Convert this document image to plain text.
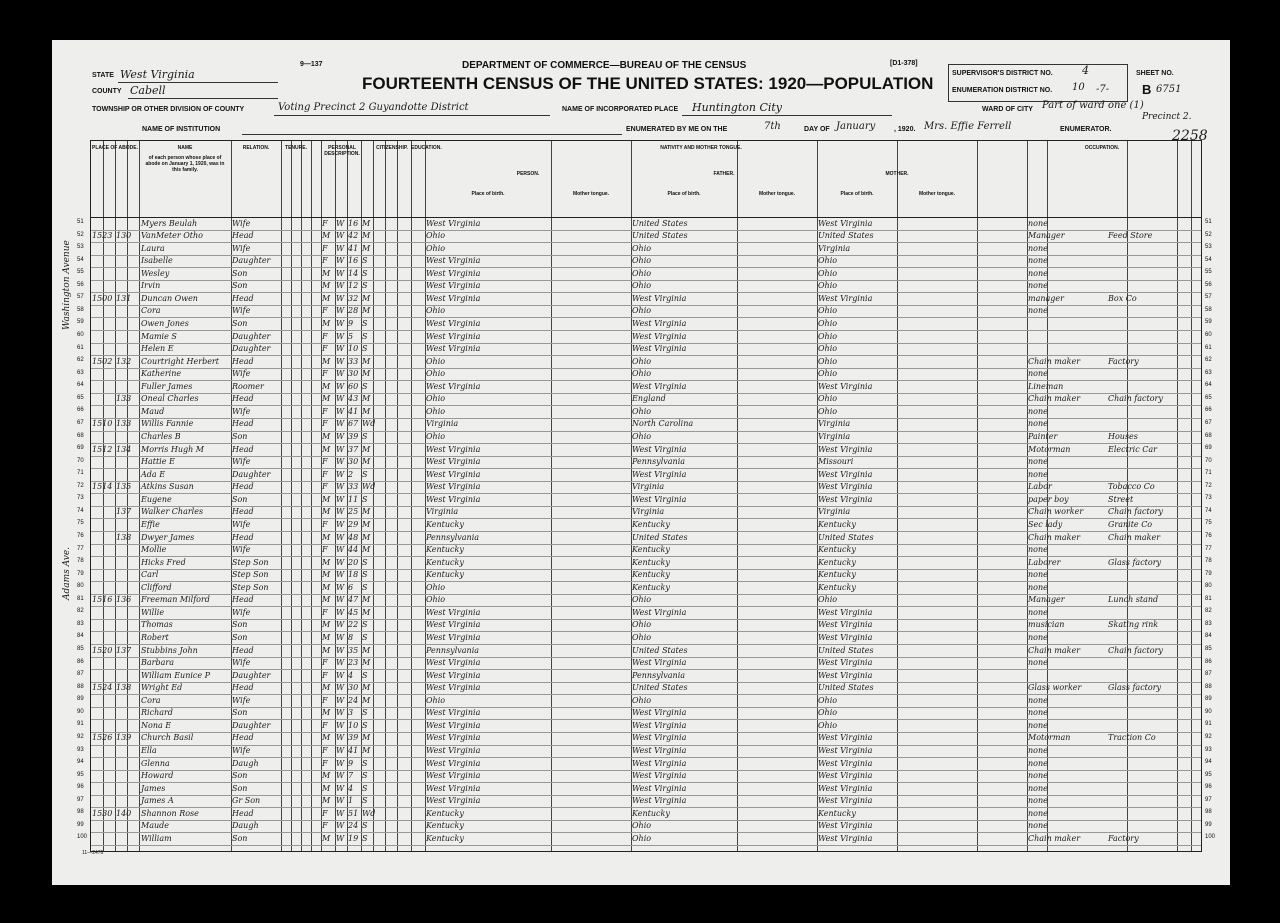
9—137	DEPARTMENT OF COMMERCE—BUREAU OF THE CENSUS
FOURTEENTH CENSUS OF THE UNITED STATES: 1920—POPULATION
[D1-378]
STATE West Virginia
COUNTY Cabell
TOWNSHIP OR OTHER DIVISION OF COUNTY	Voting Precinct 2 Guyandotte District
NAME OF INSTITUTION
NAME OF INCORPORATED PLACE Huntington City
ENUMERATED BY ME ON THE	7th	DAY OF January	, 1920. Mrs. Effie Ferrell	ENUMERATOR.
SUPERVISOR'S DISTRICT NO.	4
ENUMERATION DISTRICT NO. 10 -7-
SHEET NO.
B 6751
WARD OF CITY Part of ward one (1)
Precinct 2.
2258
Washington Avenue
Adams Ave.
PLACE OF ABODE.	NAME	RELATION.	TENURE.	PERSONAL DESCRIPTION.
CITIZENSHIP. EDUCATION.	NATIVITY AND MOTHER TONGUE.	OCCUPATION.
of each person whose place of abode on January 1, 1920, was in this family.
PERSON.	FATHER.	MOTHER.
Place of birth.	Mother tongue.	Place of birth.	Mother tongue.	Place of birth.	Mother tongue.
51	51
Myers Beulah	Wife	F	W 16 M	West Virginia	United States	West Virginia	none
52	52
1523 130	VanMeter Otho	Head	M W 42 M	Ohio	United States	United States	Manager	Feed Store
53	53
Laura	Wife	F	W 41 M	Ohio	Ohio	Virginia	none
54	54
Isabelle	Daughter	F	W 16 S	West Virginia	Ohio	Ohio	none
55	55
Wesley	Son	M W 14 S	West Virginia	Ohio	Ohio	none
56	56
Irvin	Son	M W 12 S	West Virginia	Ohio	Ohio	none
57	57
1500 131	Duncan Owen	Head	M W 32 M	West Virginia	West Virginia	West Virginia	manager	Box Co
58	58
Cora	Wife	F	W 28 M	Ohio	Ohio	Ohio	none
59	59
Owen Jones	Son	M W 9	S	West Virginia	West Virginia	Ohio
60	60
Mamie S	Daughter	F	W 5	S	West Virginia	West Virginia	Ohio
61	61
Helen E	Daughter	F	W 10 S	West Virginia	West Virginia	Ohio
62	62
1502 132	Courtright Herbert	Head	M W 33 M	Ohio	Ohio	Ohio	Chain maker	Factory
63	63
Katherine	Wife	F	W 30 M	Ohio	Ohio	Ohio	none
64	64
Fuller James	Roomer	M W 60 S	West Virginia	West Virginia	West Virginia	Lineman
65	65
133	Oneal Charles	Head	M W 43 M	Ohio	England	Ohio	Chain maker	Chain factory
66	66
Maud	Wife	F	W 41 M	Ohio	Ohio	Ohio	none
67	67
1510 133	Willis Fannie	Head	F	W 67 Wd	Virginia	North Carolina	Virginia	none
68	68
Charles B	Son	M W 39 S	Ohio	Ohio	Virginia	Painter	Houses
69	69
1512 134	Morris Hugh M	Head	M W 37 M	West Virginia	West Virginia	West Virginia	Motorman	Electric Car
70	70
Hattie E	Wife	F	W 30 M	West Virginia	Pennsylvania	Missouri	none
71	71
Ada E	Daughter	F	W 2	S	West Virginia	West Virginia	West Virginia	none
72	72
1514 135	Atkins Susan	Head	F	W 33 Wd	West Virginia	Virginia	West Virginia	Labor	Tobacco Co
73	73
Eugene	Son	M W 11 S	West Virginia	West Virginia	West Virginia	paper boy	Street
74	74
137	Walker Charles	Head	M W 25 M	Virginia	Virginia	Virginia	Chain worker	Chain factory
75	75
Effie	Wife	F	W 29 M	Kentucky	Kentucky	Kentucky	Sec lady	Granite Co
76	76
138	Dwyer James	Head	M W 48 M	Pennsylvania	United States	United States	Chain maker	Chain maker
77	77
Mollie	Wife	F	W 44 M	Kentucky	Kentucky	Kentucky	none
78	78
Hicks Fred	Step Son	M W 20 S	Kentucky	Kentucky	Kentucky	Laborer	Glass factory
79	79
Carl	Step Son	M W 18 S	Kentucky	Kentucky	Kentucky	none
80	80
Clifford	Step Son	M W 6	S	Ohio	Kentucky	Kentucky	none
81	81
1516 136	Freeman Milford	Head	M W 47 M	Ohio	Ohio	Ohio	Manager	Lunch stand
82	82
Willie	Wife	F	W 45 M	West Virginia	West Virginia	West Virginia	none
83	83
Thomas	Son	M W 22 S	West Virginia	Ohio	West Virginia	musician	Skating rink
84	84
Robert	Son	M W 8	S	West Virginia	Ohio	West Virginia	none
85	85
1520 137	Stubbins John	Head	M W 35 M	Pennsylvania	United States	United States	Chain maker	Chain factory
86	86
Barbara	Wife	F	W 23 M	West Virginia	West Virginia	West Virginia	none
87	87
William Eunice P	Daughter	F	W 4	S	West Virginia	Pennsylvania	West Virginia
88	88
1524 138	Wright Ed	Head	M W 30 M	West Virginia	United States	United States	Glass worker	Glass factory
89	89
Cora	Wife	F	W 24 M	Ohio	Ohio	Ohio	none
90	90
Richard	Son	M W 3	S	West Virginia	West Virginia	Ohio	none
91	91
Nona E	Daughter	F	W 10 S	West Virginia	West Virginia	Ohio	none
92	92
1526 139	Church Basil	Head	M W 39 M	West Virginia	West Virginia	West Virginia	Motorman	Traction Co
93	93
Ella	Wife	F	W 41 M	West Virginia	West Virginia	West Virginia	none
94	94
Glenna	Daugh	F	W 9	S	West Virginia	West Virginia	West Virginia	none
95	95
Howard	Son	M W 7	S	West Virginia	West Virginia	West Virginia	none
96	96
James	Son	M W 4	S	West Virginia	West Virginia	West Virginia	none
97	97
James A	Gr Son	M W 1	S	West Virginia	West Virginia	West Virginia	none
98	98
1530 140	Shannon Rose	Head	F	W 51 Wd	Kentucky	Kentucky	Kentucky	none
99	99
Maude	Daugh	F	W 24 S	Kentucky	Ohio	West Virginia	none
100	100
William	Son	M W 19 S	Kentucky	Ohio	West Virginia	Chain maker	Factory
11—2476
